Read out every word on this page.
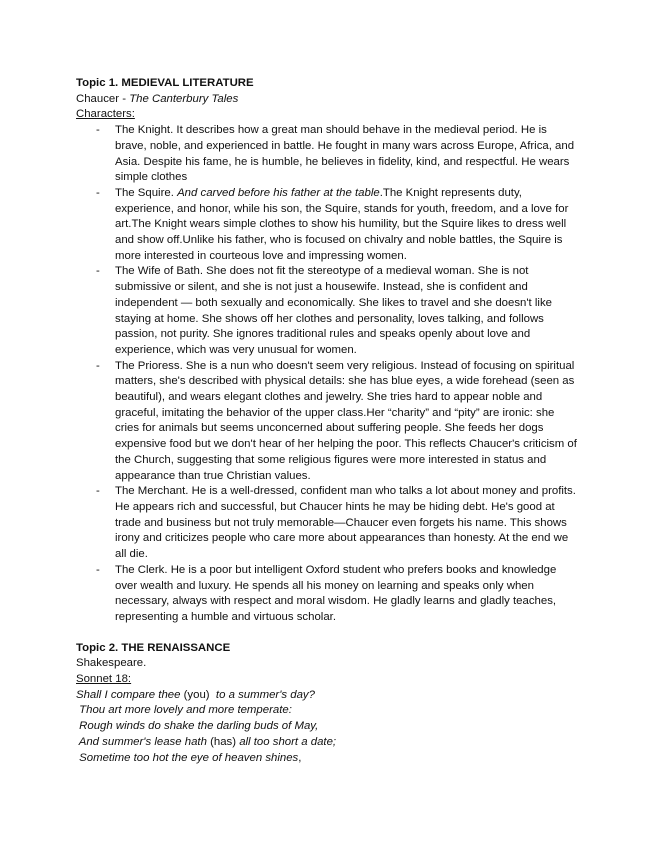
Topic 1. MEDIEVAL LITERATURE

Chaucer - The Canterbury Tales

Characters:

- The Knight. It describes how a great man should behave in the medieval period. He is brave, noble, and experienced in battle. He fought in many wars across Europe, Africa, and Asia. Despite his fame, he is humble, he believes in fidelity, kind, and respectful. He wears simple clothes
- The Squire. And carved before his father at the table.The Knight represents duty, experience, and honor, while his son, the Squire, stands for youth, freedom, and a love for art.The Knight wears simple clothes to show his humility, but the Squire likes to dress well and show off.Unlike his father, who is focused on chivalry and noble battles, the Squire is more interested in courteous love and impressing women.
- The Wife of Bath. She does not fit the stereotype of a medieval woman. She is not submissive or silent, and she is not just a housewife. Instead, she is confident and independent — both sexually and economically. She likes to travel and she doesn't like staying at home. She shows off her clothes and personality, loves talking, and follows passion, not purity. She ignores traditional rules and speaks openly about love and experience, which was very unusual for women.
- The Prioress. She is a nun who doesn't seem very religious. Instead of focusing on spiritual matters, she's described with physical details: she has blue eyes, a wide forehead (seen as beautiful), and wears elegant clothes and jewelry. She tries hard to appear noble and graceful, imitating the behavior of the upper class.Her “charity” and “pity” are ironic: she cries for animals but seems unconcerned about suffering people. She feeds her dogs expensive food but we don't hear of her helping the poor. This reflects Chaucer's criticism of the Church, suggesting that some religious figures were more interested in status and appearance than true Christian values.
- The Merchant. He is a well-dressed, confident man who talks a lot about money and profits. He appears rich and successful, but Chaucer hints he may be hiding debt. He's good at trade and business but not truly memorable—Chaucer even forgets his name. This shows irony and criticizes people who care more about appearances than honesty. At the end we all die.
- The Clerk. He is a poor but intelligent Oxford student who prefers books and knowledge over wealth and luxury. He spends all his money on learning and speaks only when necessary, always with respect and moral wisdom. He gladly learns and gladly teaches, representing a humble and virtuous scholar.

Topic 2. THE RENAISSANCE

Shakespeare.

Sonnet 18:

Shall I compare thee (you)  to a summer's day?

Thou art more lovely and more temperate:

Rough winds do shake the darling buds of May,

And summer's lease hath (has) all too short a date;

Sometime too hot the eye of heaven shines,
